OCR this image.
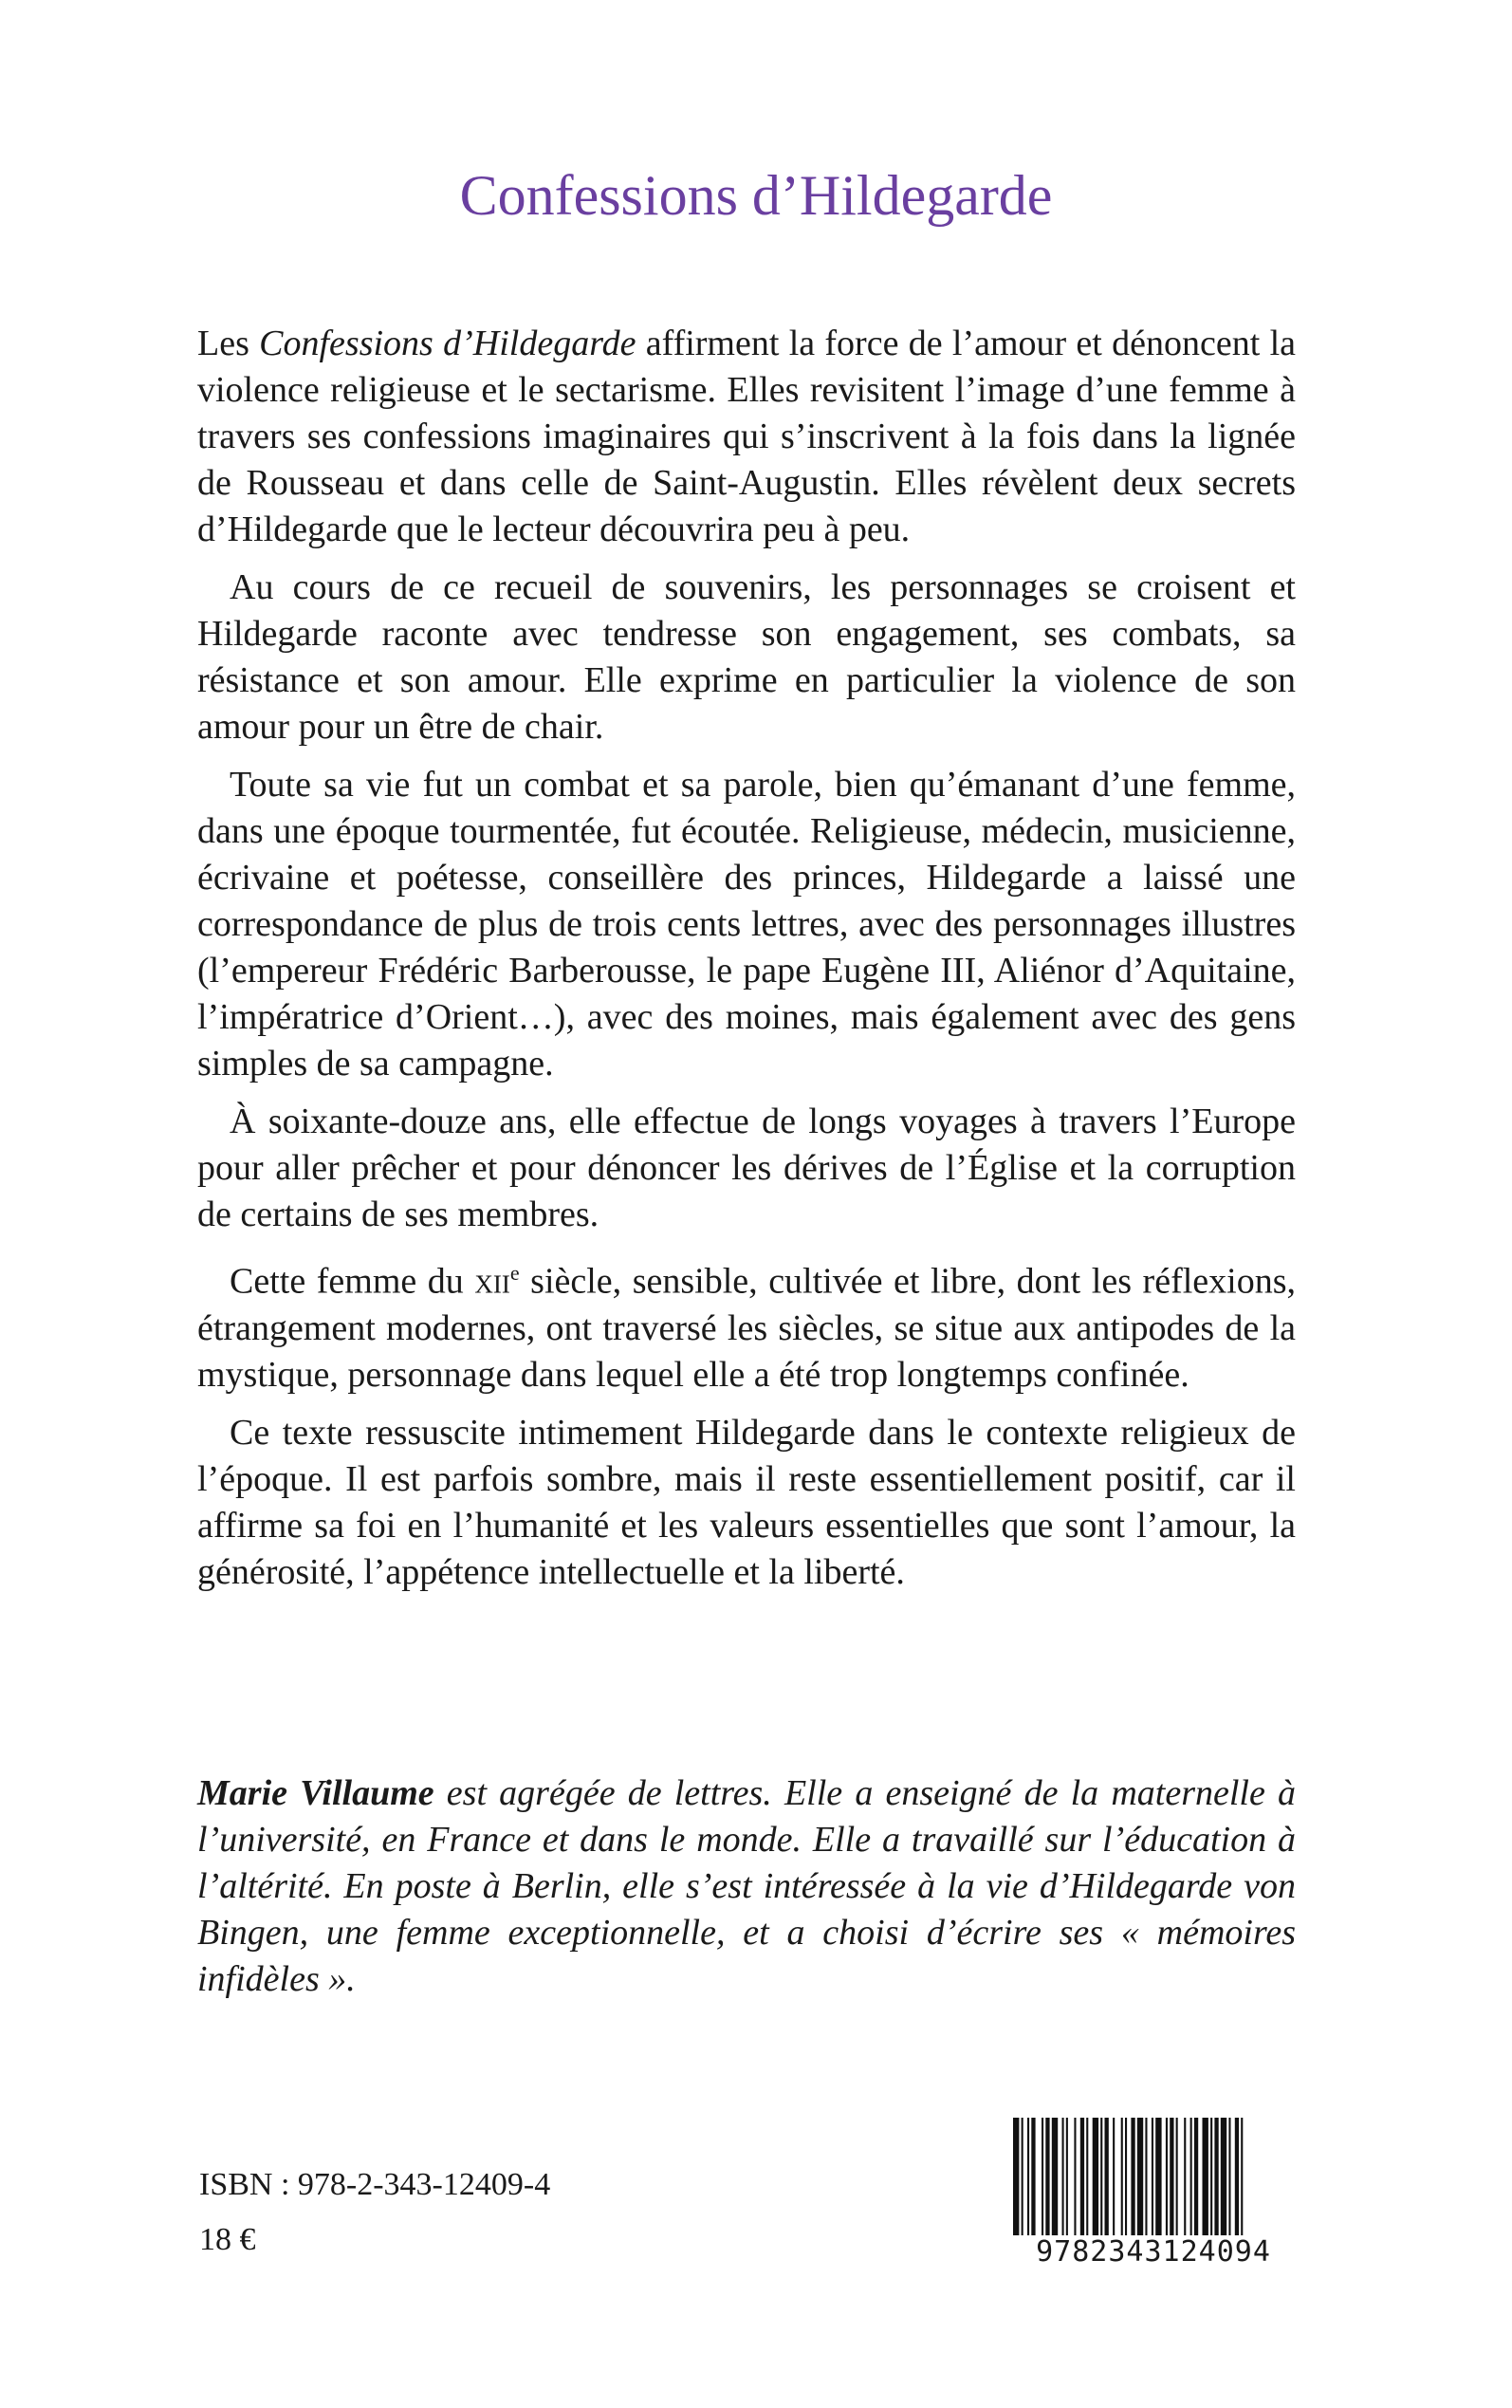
Confessions d’Hildegarde

Les Confessions d’Hildegarde affirment la force de l’amour et dénoncent la violence religieuse et le sectarisme. Elles revisitent l’image d’une femme à travers ses confessions imaginaires qui s’inscrivent à la fois dans la lignée de Rousseau et dans celle de Saint-Augustin. Elles révèlent deux secrets d’Hildegarde que le lecteur découvrira peu à peu.

Au cours de ce recueil de souvenirs, les personnages se croisent et Hildegarde raconte avec tendresse son engagement, ses combats, sa résistance et son amour. Elle exprime en particulier la violence de son amour pour un être de chair.

Toute sa vie fut un combat et sa parole, bien qu’émanant d’une femme, dans une époque tourmentée, fut écoutée. Religieuse, médecin, musicienne, écrivaine et poétesse, conseillère des princes, Hildegarde a laissé une correspondance de plus de trois cents lettres, avec des personnages illustres (l’empereur Frédéric Barberousse, le pape Eugène III, Aliénor d’Aquitaine, l’impératrice d’Orient…), avec des moines, mais également avec des gens simples de sa campagne.

À soixante-douze ans, elle effectue de longs voyages à travers l’Europe pour aller prêcher et pour dénoncer les dérives de l’Église et la corruption de certains de ses membres.

Cette femme du xii$^e$ siècle, sensible, cultivée et libre, dont les réflexions, étrangement modernes, ont traversé les siècles, se situe aux antipodes de la mystique, personnage dans lequel elle a été trop longtemps confinée.

Ce texte ressuscite intimement Hildegarde dans le contexte religieux de l’époque. Il est parfois sombre, mais il reste essentiellement positif, car il affirme sa foi en l’humanité et les valeurs essentielles que sont l’amour, la générosité, l’appétence intellectuelle et la liberté.

Marie Villaume est agrégée de lettres. Elle a enseigné de la maternelle à l’université, en France et dans le monde. Elle a travaillé sur l’éducation à l’altérité. En poste à Berlin, elle s’est intéressée à la vie d’Hildegarde von Bingen, une femme exceptionnelle, et a choisi d’écrire ses « mémoires infidèles ».

ISBN : 978-2-343-12409-4

18 €	9782343124094
